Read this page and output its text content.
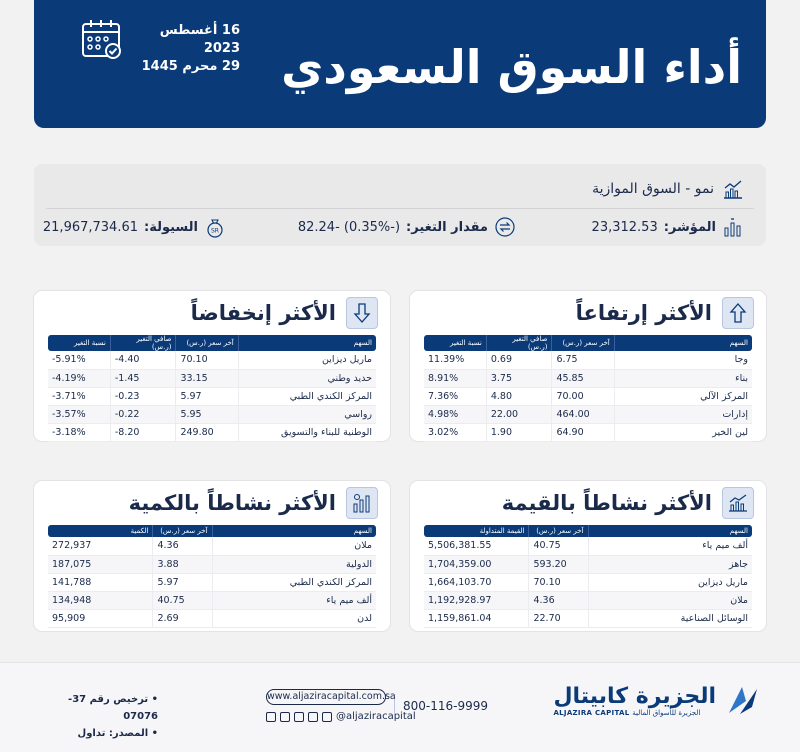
أداء السوق السعودي
16 أغسطس 2023
29 محرم 1445
نمو - السوق الموازية
المؤشر:
23,312.53
مقدار التغير:
82.24- (0.35%-)
SR
السيولة:
21,967,734.61
الأكثر إرتفاعاً
السهم	آخر سعر (ر.س)	صافي التغير (ر.س)	نسبة التغير
وجا	6.75	0.69	11.39%
بناء	45.85	3.75	8.91%
المركز الآلي	70.00	4.80	7.36%
إدارات	464.00	22.00	4.98%
لين الخير	64.90	1.90	3.02%
الأكثر إنخفاضاً
السهم	آخر سعر (ر.س)	صافي التغير (ر.س)	نسبة التغير
ماريل ديزاين	70.10	-4.40	-5.91%
حديد وطني	33.15	-1.45	-4.19%
المركز الكندي الطبي	5.97	-0.23	-3.71%
رواسي	5.95	-0.22	-3.57%
الوطنية للبناء والتسويق	249.80	-8.20	-3.18%
الأكثر نشاطاً بالقيمة
السهم	آخر سعر (ر.س)	القيمة المتداولة
ألف ميم ياء	40.75	5,506,381.55
جاهز	593.20	1,704,359.00
ماريل ديزاين	70.10	1,664,103.70
ملان	4.36	1,192,928.97
الوسائل الصناعية	22.70	1,159,861.04
الأكثر نشاطاً بالكمية
السهم	آخر سعر (ر.س)	الكمية
ملان	4.36	272,937
الدولية	3.88	187,075
المركز الكندي الطبي	5.97	141,788
ألف ميم ياء	40.75	134,948
لدن	2.69	95,909
الجزيرة كابيتال
ALJAZIRA CAPITAL الجزيرة للأسواق المالية
800-116-9999
www.aljaziracapital.com.sa
@aljaziracapital
• ترخيص رقم 37-07076
• المصدر: تداول
